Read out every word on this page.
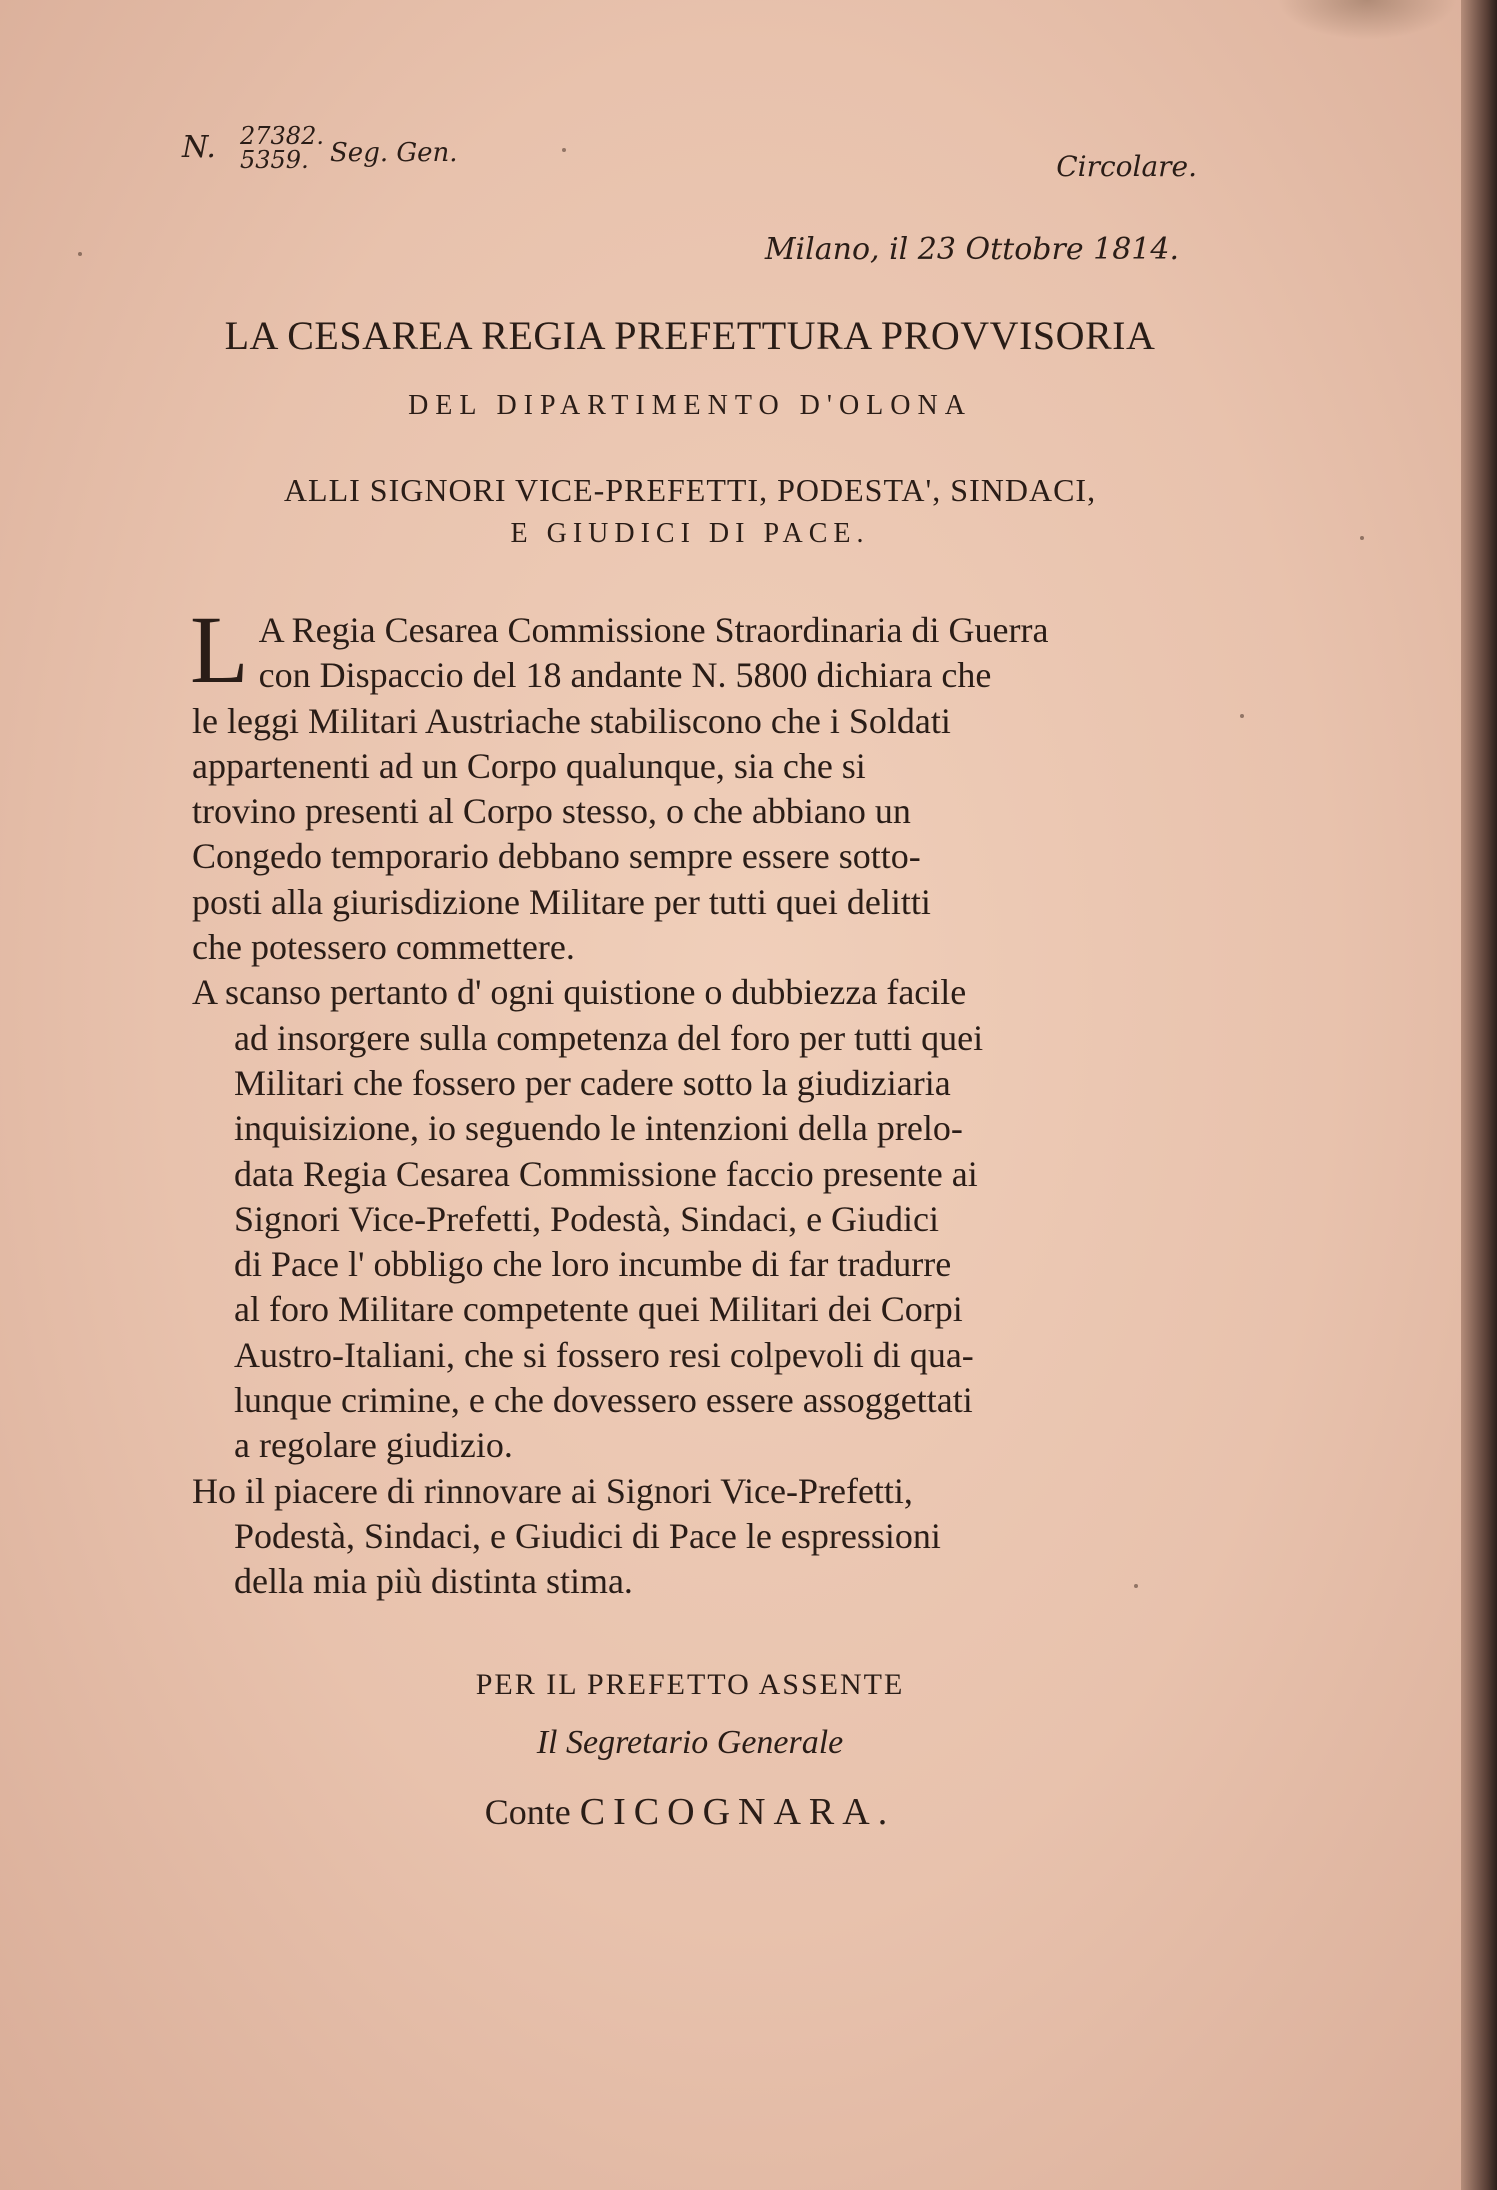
N. 27382.
5359. Seg. Gen.	Circolare.
Milano, il 23 Ottobre 1814.
LA CESAREA REGIA PREFETTURA PROVVISORIA
DEL DIPARTIMENTO D'OLONA
ALLI SIGNORI VICE-PREFETTI, PODESTA', SINDACI,
E GIUDICI DI PACE.
L A Regia Cesarea Commissione Straordinaria di Guerra
con Dispaccio del 18 andante N. 5800 dichiara che
le leggi Militari Austriache stabiliscono che i Soldati
appartenenti ad un Corpo qualunque, sia che si
trovino presenti al Corpo stesso, o che abbiano un
Congedo temporario debbano sempre essere sotto-
posti alla giurisdizione Militare per tutti quei delitti
che potessero commettere.
A scanso pertanto d' ogni quistione o dubbiezza facile
ad insorgere sulla competenza del foro per tutti quei
Militari che fossero per cadere sotto la giudiziaria
inquisizione, io seguendo le intenzioni della prelo-
data Regia Cesarea Commissione faccio presente ai
Signori Vice-Prefetti, Podestà, Sindaci, e Giudici
di Pace l' obbligo che loro incumbe di far tradurre
al foro Militare competente quei Militari dei Corpi
Austro-Italiani, che si fossero resi colpevoli di qua-
lunque crimine, e che dovessero essere assoggettati
a regolare giudizio.
Ho il piacere di rinnovare ai Signori Vice-Prefetti,
Podestà, Sindaci, e Giudici di Pace le espressioni
della mia più distinta stima.
PER IL PREFETTO ASSENTE
Il Segretario Generale
Conte CICOGNARA.
